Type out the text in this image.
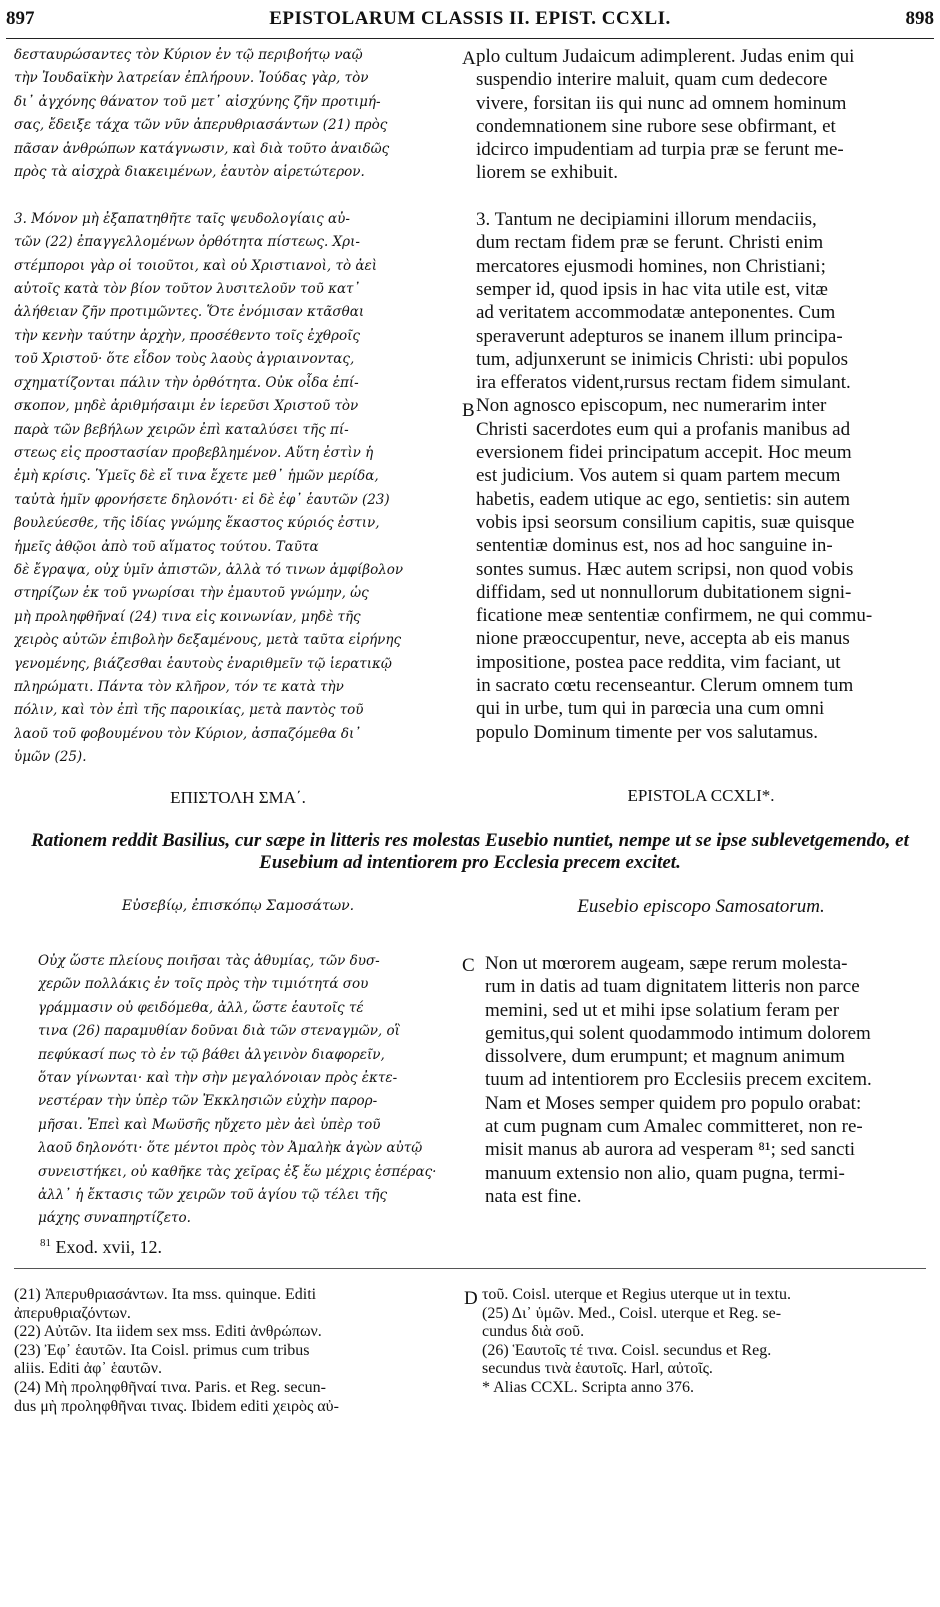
897	EPISTOLARUM CLASSIS II. EPIST. CCXLI.	898
δεσταυρώσαντες τὸν Κύριον ἐν τῷ περιβοήτῳ ναῷ
τὴν Ἰουδαϊκὴν λατρείαν ἐπλήρουν. Ἰούδας γὰρ, τὸν
δι᾽ ἀγχόνης θάνατον τοῦ μετ᾽ αἰσχύνης ζῆν προτιμή-
σας, ἔδειξε τάχα τῶν νῦν ἀπερυθριασάντων (21) πρὸς
πᾶσαν ἀνθρώπων κατάγνωσιν, καὶ διὰ τοῦτο ἀναιδῶς
πρὸς τὰ αἰσχρὰ διακειμένων, ἑαυτὸν αἱρετώτερον.

3. Μόνον μὴ ἐξαπατηθῆτε ταῖς ψευδολογίαις αὐ-
τῶν (22) ἐπαγγελλομένων ὀρθότητα πίστεως. Χρι-
στέμποροι γὰρ οἱ τοιοῦτοι, καὶ οὐ Χριστιανοὶ, τὸ ἀεὶ
αὐτοῖς κατὰ τὸν βίον τοῦτον λυσιτελοῦν τοῦ κατ᾽
ἀλήθειαν ζῆν προτιμῶντες. Ὅτε ἐνόμισαν κτᾶσθαι
τὴν κενὴν ταύτην ἀρχὴν, προσέθεντο τοῖς ἐχθροῖς
τοῦ Χριστοῦ· ὅτε εἶδον τοὺς λαοὺς ἀγριαινοντας,
σχηματίζονται πάλιν τὴν ὀρθότητα. Οὐκ οἶδα ἐπί-
σκοπον, μηδὲ ἀριθμήσαιμι ἐν ἱερεῦσι Χριστοῦ τὸν
παρὰ τῶν βεβήλων χειρῶν ἐπὶ καταλύσει τῆς πί-
στεως εἰς προστασίαν προβεβλημένον. Αὕτη ἐστὶν ἡ
ἐμὴ κρίσις. Ὑμεῖς δὲ εἴ τινα ἔχετε μεθ᾽ ἡμῶν μερίδα,
ταὐτὰ ἡμῖν φρονήσετε δηλονότι· εἰ δὲ ἐφ᾽ ἑαυτῶν (23)
βουλεύεσθε, τῆς ἰδίας γνώμης ἕκαστος κύριός ἐστιν,
ἡμεῖς ἀθῷοι ἀπὸ τοῦ αἵματος τούτου. Ταῦτα
δὲ ἔγραψα, οὐχ ὑμῖν ἀπιστῶν, ἀλλὰ τό τινων ἀμφίβολον
στηρίζων ἐκ τοῦ γνωρίσαι τὴν ἐμαυτοῦ γνώμην, ὡς
μὴ προληφθῆναί (24) τινα εἰς κοινωνίαν, μηδὲ τῆς
χειρὸς αὐτῶν ἐπιβολὴν δεξαμένους, μετὰ ταῦτα εἰρήνης
γενομένης, βιάζεσθαι ἑαυτοὺς ἐναριθμεῖν τῷ ἱερατικῷ
πληρώματι. Πάντα τὸν κλῆρον, τόν τε κατὰ τὴν
πόλιν, καὶ τὸν ἐπὶ τῆς παροικίας, μετὰ παντὸς τοῦ
λαοῦ τοῦ φοβουμένου τὸν Κύριον, ἀσπαζόμεθα δι᾽
ὑμῶν (25).
plo cultum Judaicum adimplerent. Judas enim qui
suspendio interire maluit, quam cum dedecore
vivere, forsitan iis qui nunc ad omnem hominum
condemnationem sine rubore sese obfirmant, et
idcirco impudentiam ad turpia præ se ferunt me-
liorem se exhibuit.

3. Tantum ne decipiamini illorum mendaciis,
dum rectam fidem præ se ferunt. Christi enim
mercatores ejusmodi homines, non Christiani;
semper id, quod ipsis in hac vita utile est, vitæ
ad veritatem accommodatæ anteponentes. Cum
speraverunt adepturos se inanem illum principa-
tum, adjunxerunt se inimicis Christi: ubi populos
ira efferatos vident,rursus rectam fidem simulant.
Non agnosco episcopum, nec numerarim inter
Christi sacerdotes eum qui a profanis manibus ad
eversionem fidei principatum accepit. Hoc meum
est judicium. Vos autem si quam partem mecum
habetis, eadem utique ac ego, sentietis: sin autem
vobis ipsi seorsum consilium capitis, suæ quisque
sententiæ dominus est, nos ad hoc sanguine in-
sontes sumus. Hæc autem scripsi, non quod vobis
diffidam, sed ut nonnullorum dubitationem signi-
ficatione meæ sententiæ confirmem, ne qui commu-
nione præoccupentur, neve, accepta ab eis manus
impositione, postea pace reddita, vim faciant, ut
in sacrato cœtu recenseantur. Clerum omnem tum
qui in urbe, tum qui in parœcia una cum omni
populo Dominum timente per vos salutamus.
A
B
C
D
ΕΠΙΣΤΟΛΗ ΣΜΑ΄.	EPISTOLA CCXLI*.
Rationem reddit Basilius, cur sæpe in litteris res molestas Eusebio nuntiet, nempe ut se ipse sublevetgemendo, et Eusebium ad intentiorem pro Ecclesia precem excitet.
Εὐσεβίῳ, ἐπισκόπῳ Σαμοσάτων.	Eusebio episcopo Samosatorum.
Οὐχ ὥστε πλείους ποιῆσαι τὰς ἀθυμίας, τῶν δυσ-
χερῶν πολλάκις ἐν τοῖς πρὸς τὴν τιμιότητά σου
γράμμασιν οὐ φειδόμεθα, ἀλλ, ὥστε ἑαυτοῖς τέ
τινα (26) παραμυθίαν δοῦναι διὰ τῶν στεναγμῶν, οἳ
πεφύκασί πως τὸ ἐν τῷ βάθει ἀλγεινὸν διαφορεῖν,
ὅταν γίνωνται· καὶ τὴν σὴν μεγαλόνοιαν πρὸς ἐκτε-
νεστέραν τὴν ὑπὲρ τῶν Ἐκκλησιῶν εὐχὴν παρορ-
μῆσαι. Ἐπεὶ καὶ Μωϋσῆς ηὔχετο μὲν ἀεὶ ὑπὲρ τοῦ
λαοῦ δηλονότι· ὅτε μέντοι πρὸς τὸν Ἀμαλὴκ ἀγὼν αὐτῷ
συνειστήκει, οὐ καθῆκε τὰς χεῖρας ἐξ ἕω μέχρις ἑσπέρας·
ἀλλ᾽ ἡ ἔκτασις τῶν χειρῶν τοῦ ἁγίου τῷ τέλει τῆς
μάχης συναπηρτίζετο.
Non ut mœrorem augeam, sæpe rerum molesta-
rum in datis ad tuam dignitatem litteris non parce
memini, sed ut et mihi ipse solatium feram per
gemitus,qui solent quodammodo intimum dolorem
dissolvere, dum erumpunt; et magnum animum
tuum ad intentiorem pro Ecclesiis precem excitem.
Nam et Moses semper quidem pro populo orabat:
at cum pugnam cum Amalec committeret, non re-
misit manus ab aurora ad vesperam ⁸¹; sed sancti
manuum extensio non alio, quam pugna, termi-
nata est fine.
$^{81}$ Exod. xvii, 12.
(21) Ἀπερυθριασάντων. Ita mss. quinque. Editi
ἀπερυθριαζόντων.
(22) Αὐτῶν. Ita iidem sex mss. Editi ἀνθρώπων.
(23) Ἐφ᾽ ἑαυτῶν. Ita Coisl. primus cum tribus
aliis. Editi ἀφ᾽ ἑαυτῶν.
(24) Μὴ προληφθῆναί τινα. Paris. et Reg. secun-
dus μὴ προληφθῆναι τινας. Ibidem editi χειρὸς αὐ-
τοῦ. Coisl. uterque et Regius uterque ut in textu.
(25) Δι᾽ ὑμῶν. Med., Coisl. uterque et Reg. se-
cundus διὰ σοῦ.
(26) Ἑαυτοῖς τέ τινα. Coisl. secundus et Reg.
secundus τινὰ ἑαυτοῖς. Harl, αὐτοῖς.
* Alias CCXL. Scripta anno 376.
